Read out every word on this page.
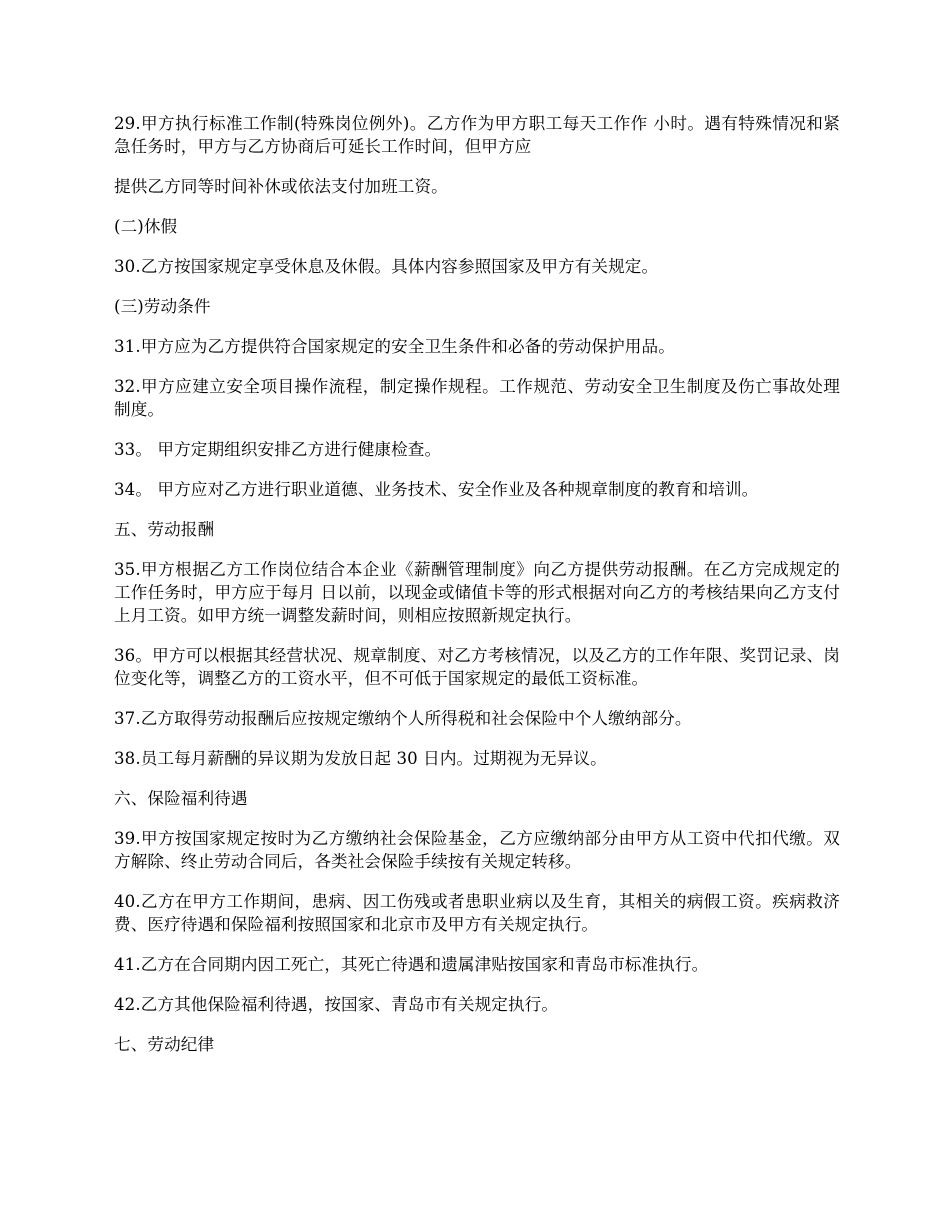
29.甲方执行标准工作制(特殊岗位例外)。乙方作为甲方职工每天工作作 小时。遇有特殊情况和紧急任务时，甲方与乙方协商后可延长工作时间，但甲方应

提供乙方同等时间补休或依法支付加班工资。

(二)休假

30.乙方按国家规定享受休息及休假。具体内容参照国家及甲方有关规定。

(三)劳动条件

31.甲方应为乙方提供符合国家规定的安全卫生条件和必备的劳动保护用品。

32.甲方应建立安全项目操作流程，制定操作规程。工作规范、劳动安全卫生制度及伤亡事故处理制度。

33。 甲方定期组织安排乙方进行健康检查。

34。 甲方应对乙方进行职业道德、业务技术、安全作业及各种规章制度的教育和培训。

五、劳动报酬

35.甲方根据乙方工作岗位结合本企业《薪酬管理制度》向乙方提供劳动报酬。在乙方完成规定的工作任务时，甲方应于每月 日以前，以现金或储值卡等的形式根据对向乙方的考核结果向乙方支付上月工资。如甲方统一调整发薪时间，则相应按照新规定执行。

36。甲方可以根据其经营状况、规章制度、对乙方考核情况，以及乙方的工作年限、奖罚记录、岗位变化等，调整乙方的工资水平，但不可低于国家规定的最低工资标准。

37.乙方取得劳动报酬后应按规定缴纳个人所得税和社会保险中个人缴纳部分。

38.员工每月薪酬的异议期为发放日起 30 日内。过期视为无异议。

六、保险福利待遇

39.甲方按国家规定按时为乙方缴纳社会保险基金，乙方应缴纳部分由甲方从工资中代扣代缴。双方解除、终止劳动合同后，各类社会保险手续按有关规定转移。

40.乙方在甲方工作期间，患病、因工伤残或者患职业病以及生育，其相关的病假工资。疾病救济费、医疗待遇和保险福利按照国家和北京市及甲方有关规定执行。

41.乙方在合同期内因工死亡，其死亡待遇和遗属津贴按国家和青岛市标准执行。

42.乙方其他保险福利待遇，按国家、青岛市有关规定执行。

七、劳动纪律
